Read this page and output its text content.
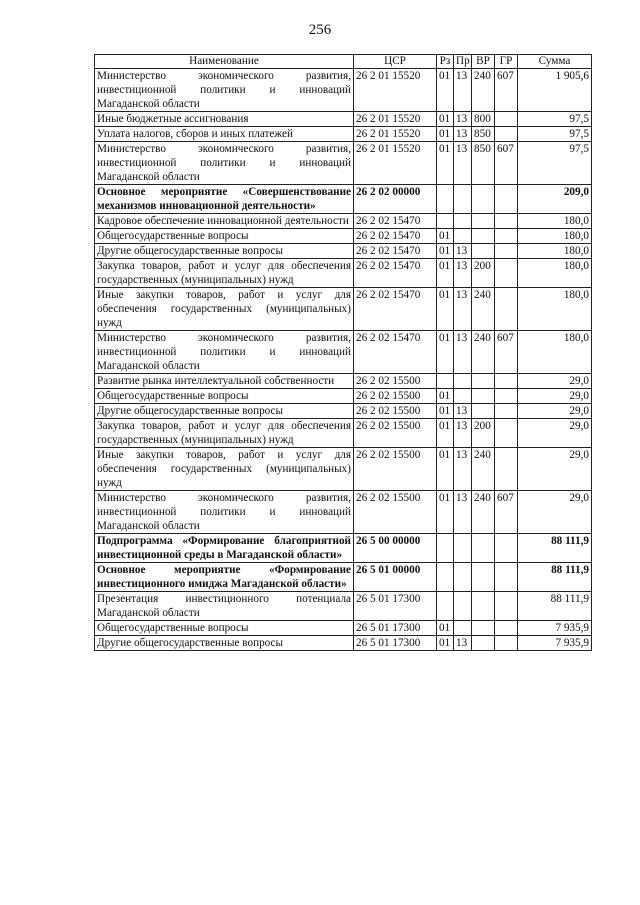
256
Наименование	ЦСР	Рз	Пр	ВР	ГР	Сумма
Министерство экономического развития, инвестиционной политики и инноваций Магаданской области	26 2 01 15520	01	13	240	607	1 905,6
Иные бюджетные ассигнования	26 2 01 15520	01	13	800		97,5
Уплата налогов, сборов и иных платежей	26 2 01 15520	01	13	850		97,5
Министерство экономического развития, инвестиционной политики и инноваций Магаданской области	26 2 01 15520	01	13	850	607	97,5
Основное мероприятие «Совершенствование механизмов инновационной деятельности»	26 2 02 00000					209,0
Кадровое обеспечение инновационной деятельности	26 2 02 15470					180,0
Общегосударственные вопросы	26 2 02 15470	01				180,0
Другие общегосударственные вопросы	26 2 02 15470	01	13			180,0
Закупка товаров, работ и услуг для обеспечения государственных (муниципальных) нужд	26 2 02 15470	01	13	200		180,0
Иные закупки товаров, работ и услуг для обеспечения государственных (муниципальных) нужд	26 2 02 15470	01	13	240		180,0
Министерство экономического развития, инвестиционной политики и инноваций Магаданской области	26 2 02 15470	01	13	240	607	180,0
Развитие рынка интеллектуальной собственности	26 2 02 15500					29,0
Общегосударственные вопросы	26 2 02 15500	01				29,0
Другие общегосударственные вопросы	26 2 02 15500	01	13			29,0
Закупка товаров, работ и услуг для обеспечения государственных (муниципальных) нужд	26 2 02 15500	01	13	200		29,0
Иные закупки товаров, работ и услуг для обеспечения государственных (муниципальных) нужд	26 2 02 15500	01	13	240		29,0
Министерство экономического развития, инвестиционной политики и инноваций Магаданской области	26 2 02 15500	01	13	240	607	29,0
Подпрограмма «Формирование благоприятной инвестиционной среды в Магаданской области»	26 5 00 00000					88 111,9
Основное мероприятие «Формирование инвестиционного имиджа Магаданской области»	26 5 01 00000					88 111,9
Презентация инвестиционного потенциала Магаданской области	26 5 01 17300					88 111,9
Общегосударственные вопросы	26 5 01 17300	01				7 935,9
Другие общегосударственные вопросы	26 5 01 17300	01	13			7 935,9
